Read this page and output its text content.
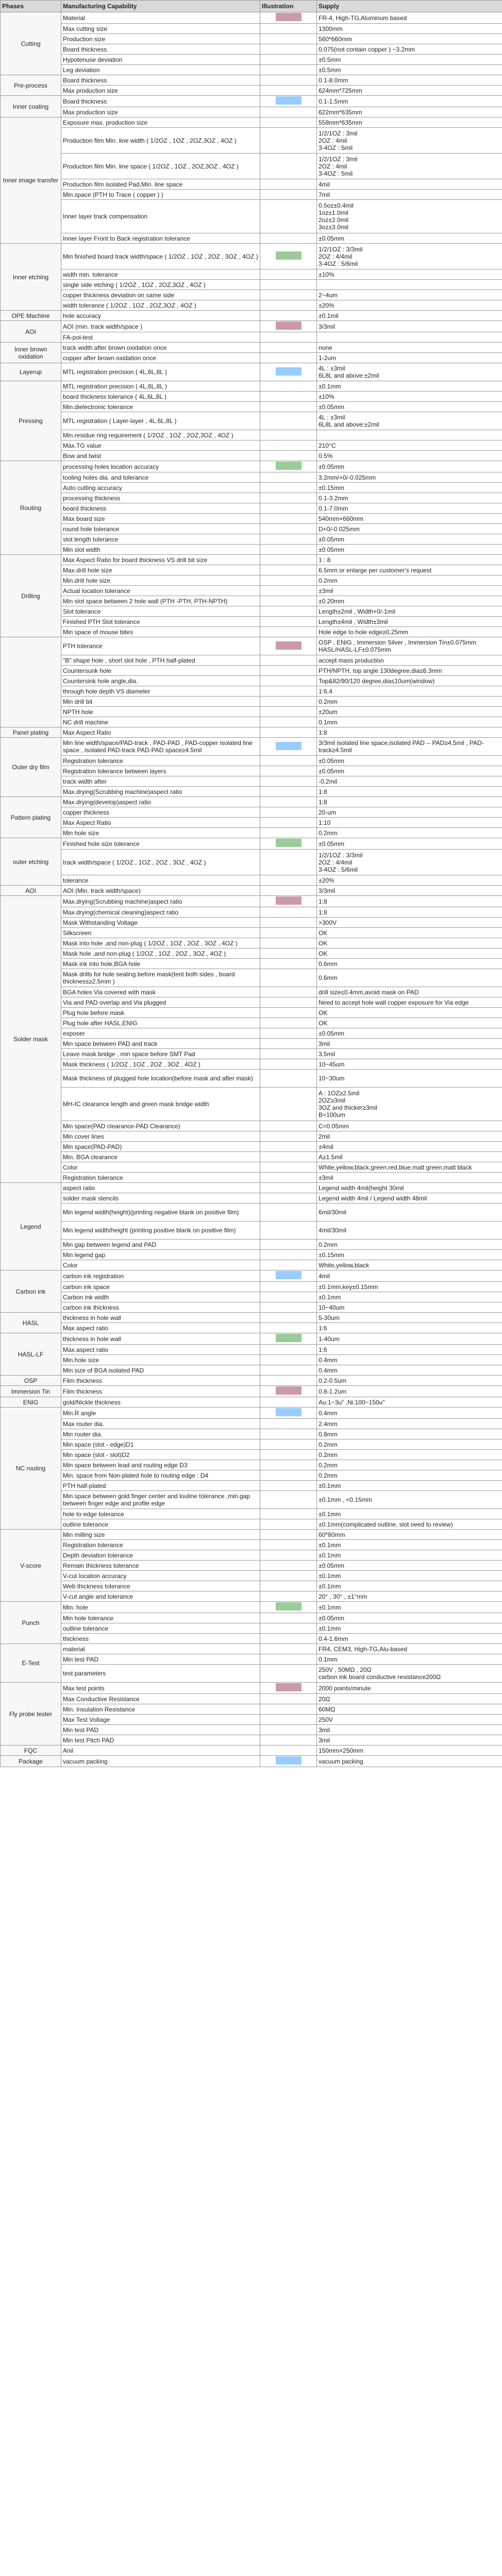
Phases	Manufacturing Capability	Illustration	Supply
Cutting	Material		FR-4, High-TG,Aluminum based
	Max cutting size		1300mm
	Production size		560*660mm
	Board thickness		0.075(not contain copper ) ~3.2mm
	Hypotenuse deviation		±0.5mm
	Leg deviation		±0.5mm
Pre-process	Board thickness		0.1-8.0mm
	Max production size		624mm*725mm
Inner coating	Board thickness		0.1-1.5mm
	Max production size		622mm*635mm
Inner image transfer	Exposure max. production size		558mm*635mm
	Production film Min. line width ( 1/2OZ , 1OZ , 2OZ,3OZ , 4OZ )		1/2/1OZ : 3mil
2OZ : 4mil
3-4OZ : 5mil
	Production film Min. line space ( 1/2OZ , 1OZ , 2OZ,3OZ , 4OZ )		1/2/1OZ : 3mil
2OZ : 4mil
3-4OZ : 5mil
	Production film isolated Pad,Min. line space		4mil
	Min.space (PTH to Trace ( copper ) )		7mil
	Inner layer track compensation		0.5oz±0.4mil
1oz±1.0mil
2oz±2.0mil
3oz±3.0mil
	Inner layer Front to Back registration tolerance		±0.05mm
Inner etching	Min finished board track width/space ( 1/2OZ , 1OZ , 2OZ , 3OZ , 4OZ )		1/2/1OZ : 3/3mil
2OZ : 4/4mil
3-4OZ : 5/6mil
	width min. tolerance		±10%
	single side etching ( 1/2OZ , 1OZ , 2OZ,3OZ , 4OZ )		
	copper thickness deviation on same side		2~4um
	width tolerance ( 1/2OZ , 1OZ , 2OZ,3OZ , 4OZ )		±20%
OPE Machine	hole accuracy		±0.1mil
AOI	AOI (min. track width/space )		3/3mil
	FA-pol-test		
Inner brown oxidation	track width after brown oxidation once		none
	copper after brown oxidation once		1-2um
Layerup	MTL registration precision ( 4L,6L,8L )		4L : ±3mil
6L8L and above:±2mil
Pressing	MTL registration precision ( 4L,6L,8L )		±0.1mm
	board thickness tolerance ( 4L,6L,8L )		±10%
	Min.dielectronic tolerance		±0.05mm
	MTL registration ( Layer-layer , 4L,6L,8L )		4L : ±3mil
6L8L and above:±2mil
	Min.residue ring requirement ( 1/2OZ , 1OZ , 2OZ,3OZ , 4OZ )		
	Max.TG value		210°C
	Bow and twist		0.5%
Routing	processing holes location accuracy		±0.05mm
	tooling holes dia. and tolerance		3.2mm/+0/-0.025mm
	Auto cutting accuracy		±0.15mm
	processing thickness		0.1-3.2mm
	board thickness		0.1-7.0mm
	Max board size		540mm×660mm
	round hole tolerance		D+0/-0.025mm
	slot length tolerance		±0.05mm
	Min slot width		±0.05mm
Drilling	Max Aspect Ratio for board thickness VS drill bit size		1 : 8
	Max.drill hole size		6.5mm or enlarge per customer's request
	Min.drill hole size		0.2mm
	Actual location tolerance		±3mil
	Min slot space between 2 hole wall (PTH -PTH, PTH-NPTH)		±0.20mm
	Slot tolerance		Length±2mil , Width+0/-1mil
	Finished PTH Slot tolerance		Length±4mil , Width±3mil
	Min space of mouse bites		Hole edge to hole edge≥0.25mm
	PTH tolerance		OSP , ENIG , Immersion Silver , Immersion Tin±0.075mm
HASL/HASL-LF±0.075mm
	"B" shape hole , short slot hole , PTH half-plated		accept mass production
	Countersunk hole		PTH/NPTH, top angle 130degree,dia≤6.3mm
	Countersink hole angle,dia.		Top&82/90/120 degree,dia≤10um(window)
	through hole depth VS diameter		1:6.4
	Min drill bit		0.2mm
	NPTH hole		±20um
	NC drill machine		0.1mm
Panel plating	Max Aspect Ratio		1:8
Outer dry film	Min line width/space/PAD-track , PAD-PAD , PAD-copper isolated line space , isolated PAD-track PAD-PAD space≥4.5mil		3/3mil isolated line space,isolated PAD -- PAD≥4.5mil , PAD-track≥4.5mil
	Registration tolerance		±0.05mm
	Registration tolerance between layers		±0.05mm
	track width after		-0.2mil
	Max.drying(Scrubbing machine)aspect ratio		1:8
Pattern plating	Max.drying(develop)aspect ratio		1:8
	copper thickness		20-um
	Max Aspect Ratio		1:10
	Min hole size		0.2mm
outer etching	Finished hole size tolerance		±0.05mm
	track width/space ( 1/2OZ , 1OZ , 2OZ , 3OZ , 4OZ )		1/2/1OZ : 3/3mil
2OZ : 4/4mil
3-4OZ : 5/6mil
	tolerance		±20%
AOI	AOI (Min. track width/space)		3/3mil
Solder mask	Max.drying(Scrubbing machine)aspect ratio		1:8
	Max.drying(chemical cleaning)aspect ratio		1:8
	Mask Withstanding Voltage		>300V
	Silkscreen		OK
	Mask into hole ,and non-plug ( 1/2OZ , 1OZ , 2OZ , 3OZ , 4OZ )		OK
	Mask hole ,and non-plug ( 1/2OZ , 1OZ , 2OZ , 3OZ , 4OZ )		OK
	Mask ink into hole,BGA hole		0.6mm
	Mask drills for hole sealing before mask(tent both sides , board thickness≥2.5mm )		0.6mm
	BGA holes Via covered with mask		drill size≤0.4mm,avoid mask on PAD
	Via and PAD overlap and Via plugged		Need to accept hole wall copper exposure for Via edge
	Plug hole before mask		OK
	Plug hole after HASL,ENIG		OK
	exposer		±0.05mm
	Min space between PAD and track		3mil
	Leave mask bridge , min space before SMT Pad		3.5mil
	Mask thickness ( 1/2OZ , 1OZ , 2OZ , 3OZ , 4OZ )		10~45um
	Mask thickness of plugged hole location(before mask and after mask)		10~30um
	MH-IC clearance length and green mask bridge width		A : 1OZ≥2.5mil
2OZ≥3mil
3OZ and thicker≥3mil
B=100um
	Min space(PAD clearance-PAD Clearance)		C=0.05mm
	Min cover lines		2mil
	Min space(PAD-PAD)		±4mil
	Min. BGA clearance		A≥1.5mil
	Color		White,yellow,black,green,red,blue,matt green,matt black
	Registration tolerance		±3mil
Legend	aspect ratio		Legend width 4mil(height 30mil
	solder mask stencils		Legend width 4mil / Legend width 48mil
	Min legend width(height)(printing negative blank on positive film)		6mil/30mil
	Min legend width/height (printing positive blank on positive film)		4mil/30mil
	Min gap between legend and PAD		0.2mm
	Min legend gap		±0.15mm
	Color		White,yellow,black
Carbon ink	carbon ink registration		4mil
	carbon ink space		±0.1mm,key±0.15mm
	Carbon ink width		±0.1mm
	carbon ink thickness		10~40um
HASL	thickness in hole wall		5-30um
	Max aspect ratio		1:6
HASL-LF	thickness in hole wall		1-40um
	Max.aspect ratio		1:6
	Min.hole size		0.4mm
	Min size of BGA isolated PAD		0.4mm
OSP	Film thickness		0.2-0.5um
Immersion Tin	Film thickness		0.8-1.2um
ENIG	gold/Nickle thickness		Au:1~3u" ,Ni:100~150u"
NC routing	Min.R angle		0.4mm
	Max router dia.		2.4mm
	Min router dia.		0.8mm
	Min space (slot - edge)D1		0.2mm
	Min space (slot - slot)D2		0.2mm
	Min space between lead and routing edge D3		0.2mm
	Min. space from Non-plated hole to routing edge : D4		0.2mm
	PTH half-plated		±0.1mm
	Min.space between gold finger center and louline tolerance ,min.gap between finger edge and profile edge		±0.1mm , <0.15mm
	hole to edge tolerance		±0.1mm
	outline tolerance		±0.1mm(complicated outline, slot need to review)
V-score	Min milling size		60*80mm
	Registration tolerance		±0.1mm
	Depth deviation tolerance		±0.1mm
	Remain thickness tolerance		±0.05mm
	V-cut location accuracy		±0.1mm
	Web thickness tolerance		±0.1mm
	V-cut angle and tolerance		20° , 30° , ±1°mm
Punch	Min. hole		±0.1mm
	Min hole tolerance		±0.05mm
	outline tolerance		±0.1mm
	thickness		0.4-1.6mm
E-Test	material		FR4, CEM3, High-TG,Alu-based
	Min test PAD		0.1mm
	test parameters		250V , 50MΩ , 20Ω
carbon ink board conductive resistance200Ω
Fly probe tester	Max test points		2000 points/minute
	Max Conductive Resistance		20Ω
	Min. Insulation Resistance		60MΩ
	Max Test Voltage		250V
	Min test PAD		3mil
	Min test Pitch PAD		3mil
FQC	Anil		150mm×250mm
Package	vacuum packing		vacuum packing
